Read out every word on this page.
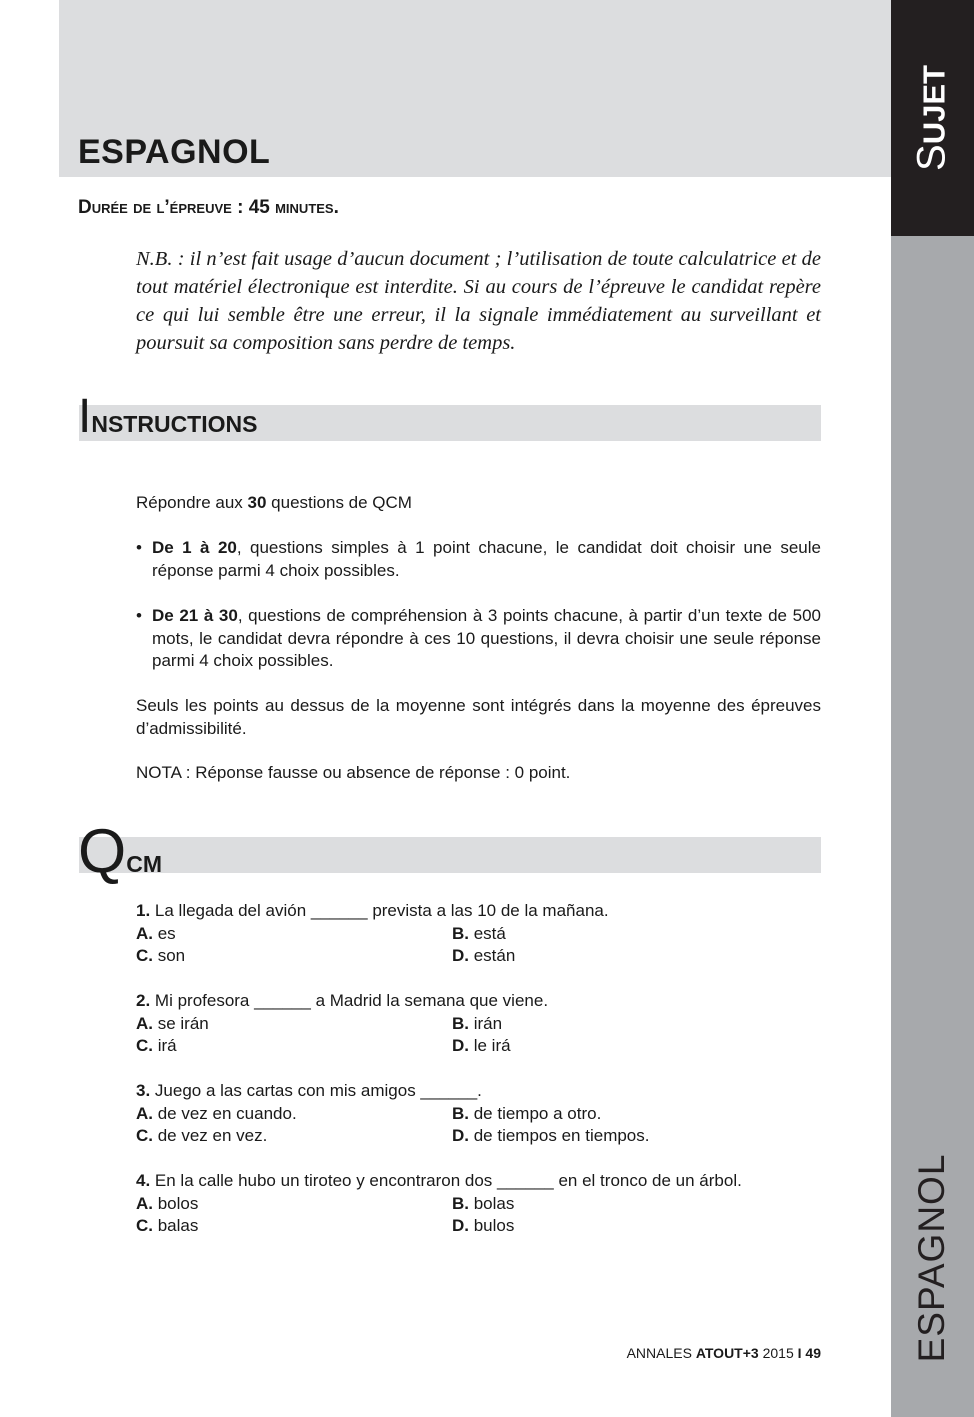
ESPAGNOL
Durée de l’épreuve : 45 minutes.

N.B. : il n’est fait usage d’aucun document ; l’utilisation de toute calculatrice et de tout matériel électronique est interdite. Si au cours de l’épreuve le candidat repère ce qui lui semble être une erreur, il la signale immédiatement au surveillant et poursuit sa composition sans perdre de temps.

INSTRUCTIONS

Répondre aux 30 questions de QCM

• De 1 à 20, questions simples à 1 point chacune, le candidat doit choisir une seule réponse parmi 4 choix possibles.
• De 21 à 30, questions de compréhension à 3 points chacune, à partir d’un texte de 500 mots, le candidat devra répondre à ces 10 questions, il devra choisir une seule réponse parmi 4 choix possibles.

Seuls les points au dessus de la moyenne sont intégrés dans la moyenne des épreuves d’admissibilité.

NOTA : Réponse fausse ou absence de réponse : 0 point.

QCM
1. La llegada del avión ______ prevista a las 10 de la mañana.
A. es	B. está
C. son	D. están
2. Mi profesora ______ a Madrid la semana que viene.
A. se irán	B. irán
C. irá	D. le irá
3. Juego a las cartas con mis amigos ______.
A. de vez en cuando.	B. de tiempo a otro.
C. de vez en vez.	D. de tiempos en tiempos.
4. En la calle hubo un tiroteo y encontraron dos ______ en el tronco de un árbol.
A. bolos	B. bolas
C. balas	D. bulos
ANNALES ATOUT+3 2015 I 49
SUJET
ESPAGNOL
